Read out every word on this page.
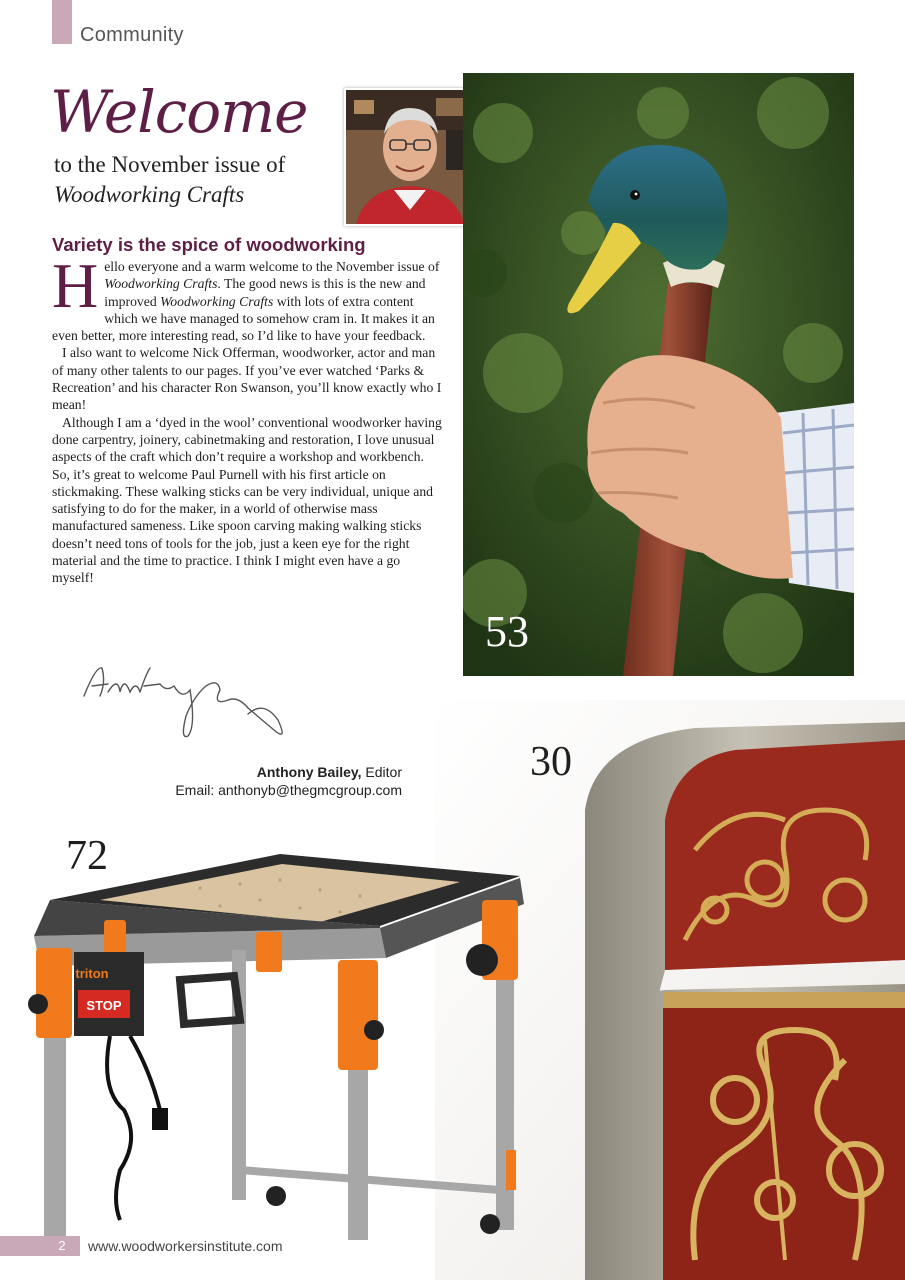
Community
Welcome
to the November issue of
Woodworking Crafts
Variety is the spice of woodworking

Hello everyone and a warm welcome to the November issue of Woodworking Crafts. The good news is this is the new and improved Woodworking Crafts with lots of extra content which we have managed to somehow cram in. It makes it an even better, more interesting read, so I’d like to have your feedback.

I also want to welcome Nick Offerman, woodworker, actor and man of many other talents to our pages. If you’ve ever watched ‘Parks & Recreation’ and his character Ron Swanson, you’ll know exactly who I mean!

Although I am a ‘dyed in the wool’ conventional woodworker having done carpentry, joinery, cabinetmaking and restoration, I love unusual aspects of the craft which don’t require a workshop and workbench. So, it’s great to welcome Paul Purnell with his first article on stickmaking. These walking sticks can be very individual, unique and satisfying to do for the maker, in a world of otherwise mass manufactured sameness. Like spoon carving making walking sticks doesn’t need tons of tools for the job, just a keen eye for the right material and the time to practice. I think I might even have a go myself!

53
Anthony Bailey, Editor
Email: anthonyb@thegmcgroup.com
30
STOP
triton
72
2	www.woodworkersinstitute.com
